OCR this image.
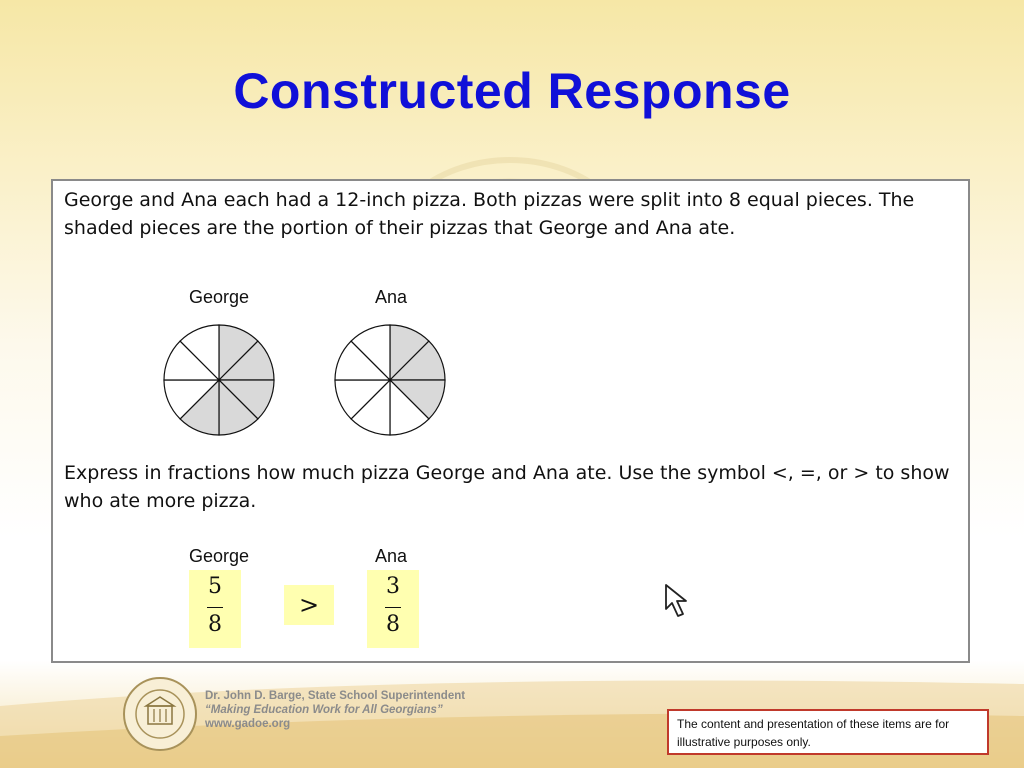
Constructed Response
George and Ana each had a 12-inch pizza. Both pizzas were split into 8 equal pieces. The shaded pieces are the portion of their pizzas that George and Ana ate.
George	Ana
Express in fractions how much pizza George and Ana ate. Use the symbol <, =, or > to show who ate more pizza.
George	Ana
5
8
>
3
8
Dr. John D. Barge, State School Superintendent
“Making Education Work for All Georgians”
www.gadoe.org	The content and presentation of these items are for illustrative purposes only.
